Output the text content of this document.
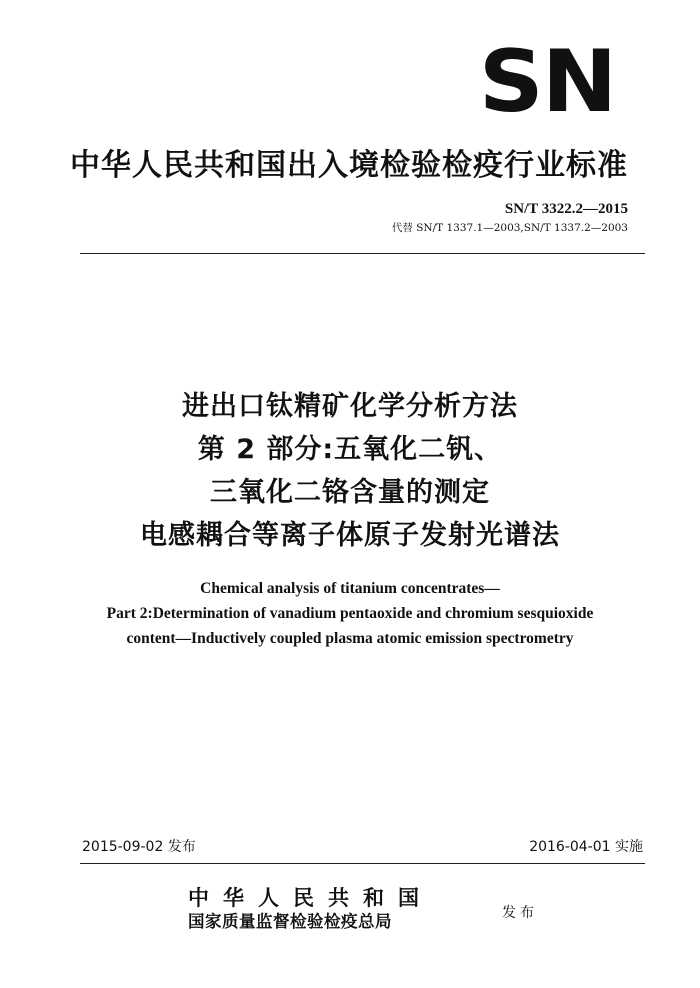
SN
中华人民共和国出入境检验检疫行业标准
SN/T 3322.2—2015
代替 SN/T 1337.1—2003,SN/T 1337.2—2003
进出口钛精矿化学分析方法
第 2 部分:五氧化二钒、
三氧化二铬含量的测定
电感耦合等离子体原子发射光谱法
Chemical analysis of titanium concentrates—
Part 2:Determination of vanadium pentaoxide and chromium sesquioxide
content—Inductively coupled plasma atomic emission spectrometry
2015-09-02 发布	2016-04-01 实施
中华人民共和国
国家质量监督检验检疫总局	发布
